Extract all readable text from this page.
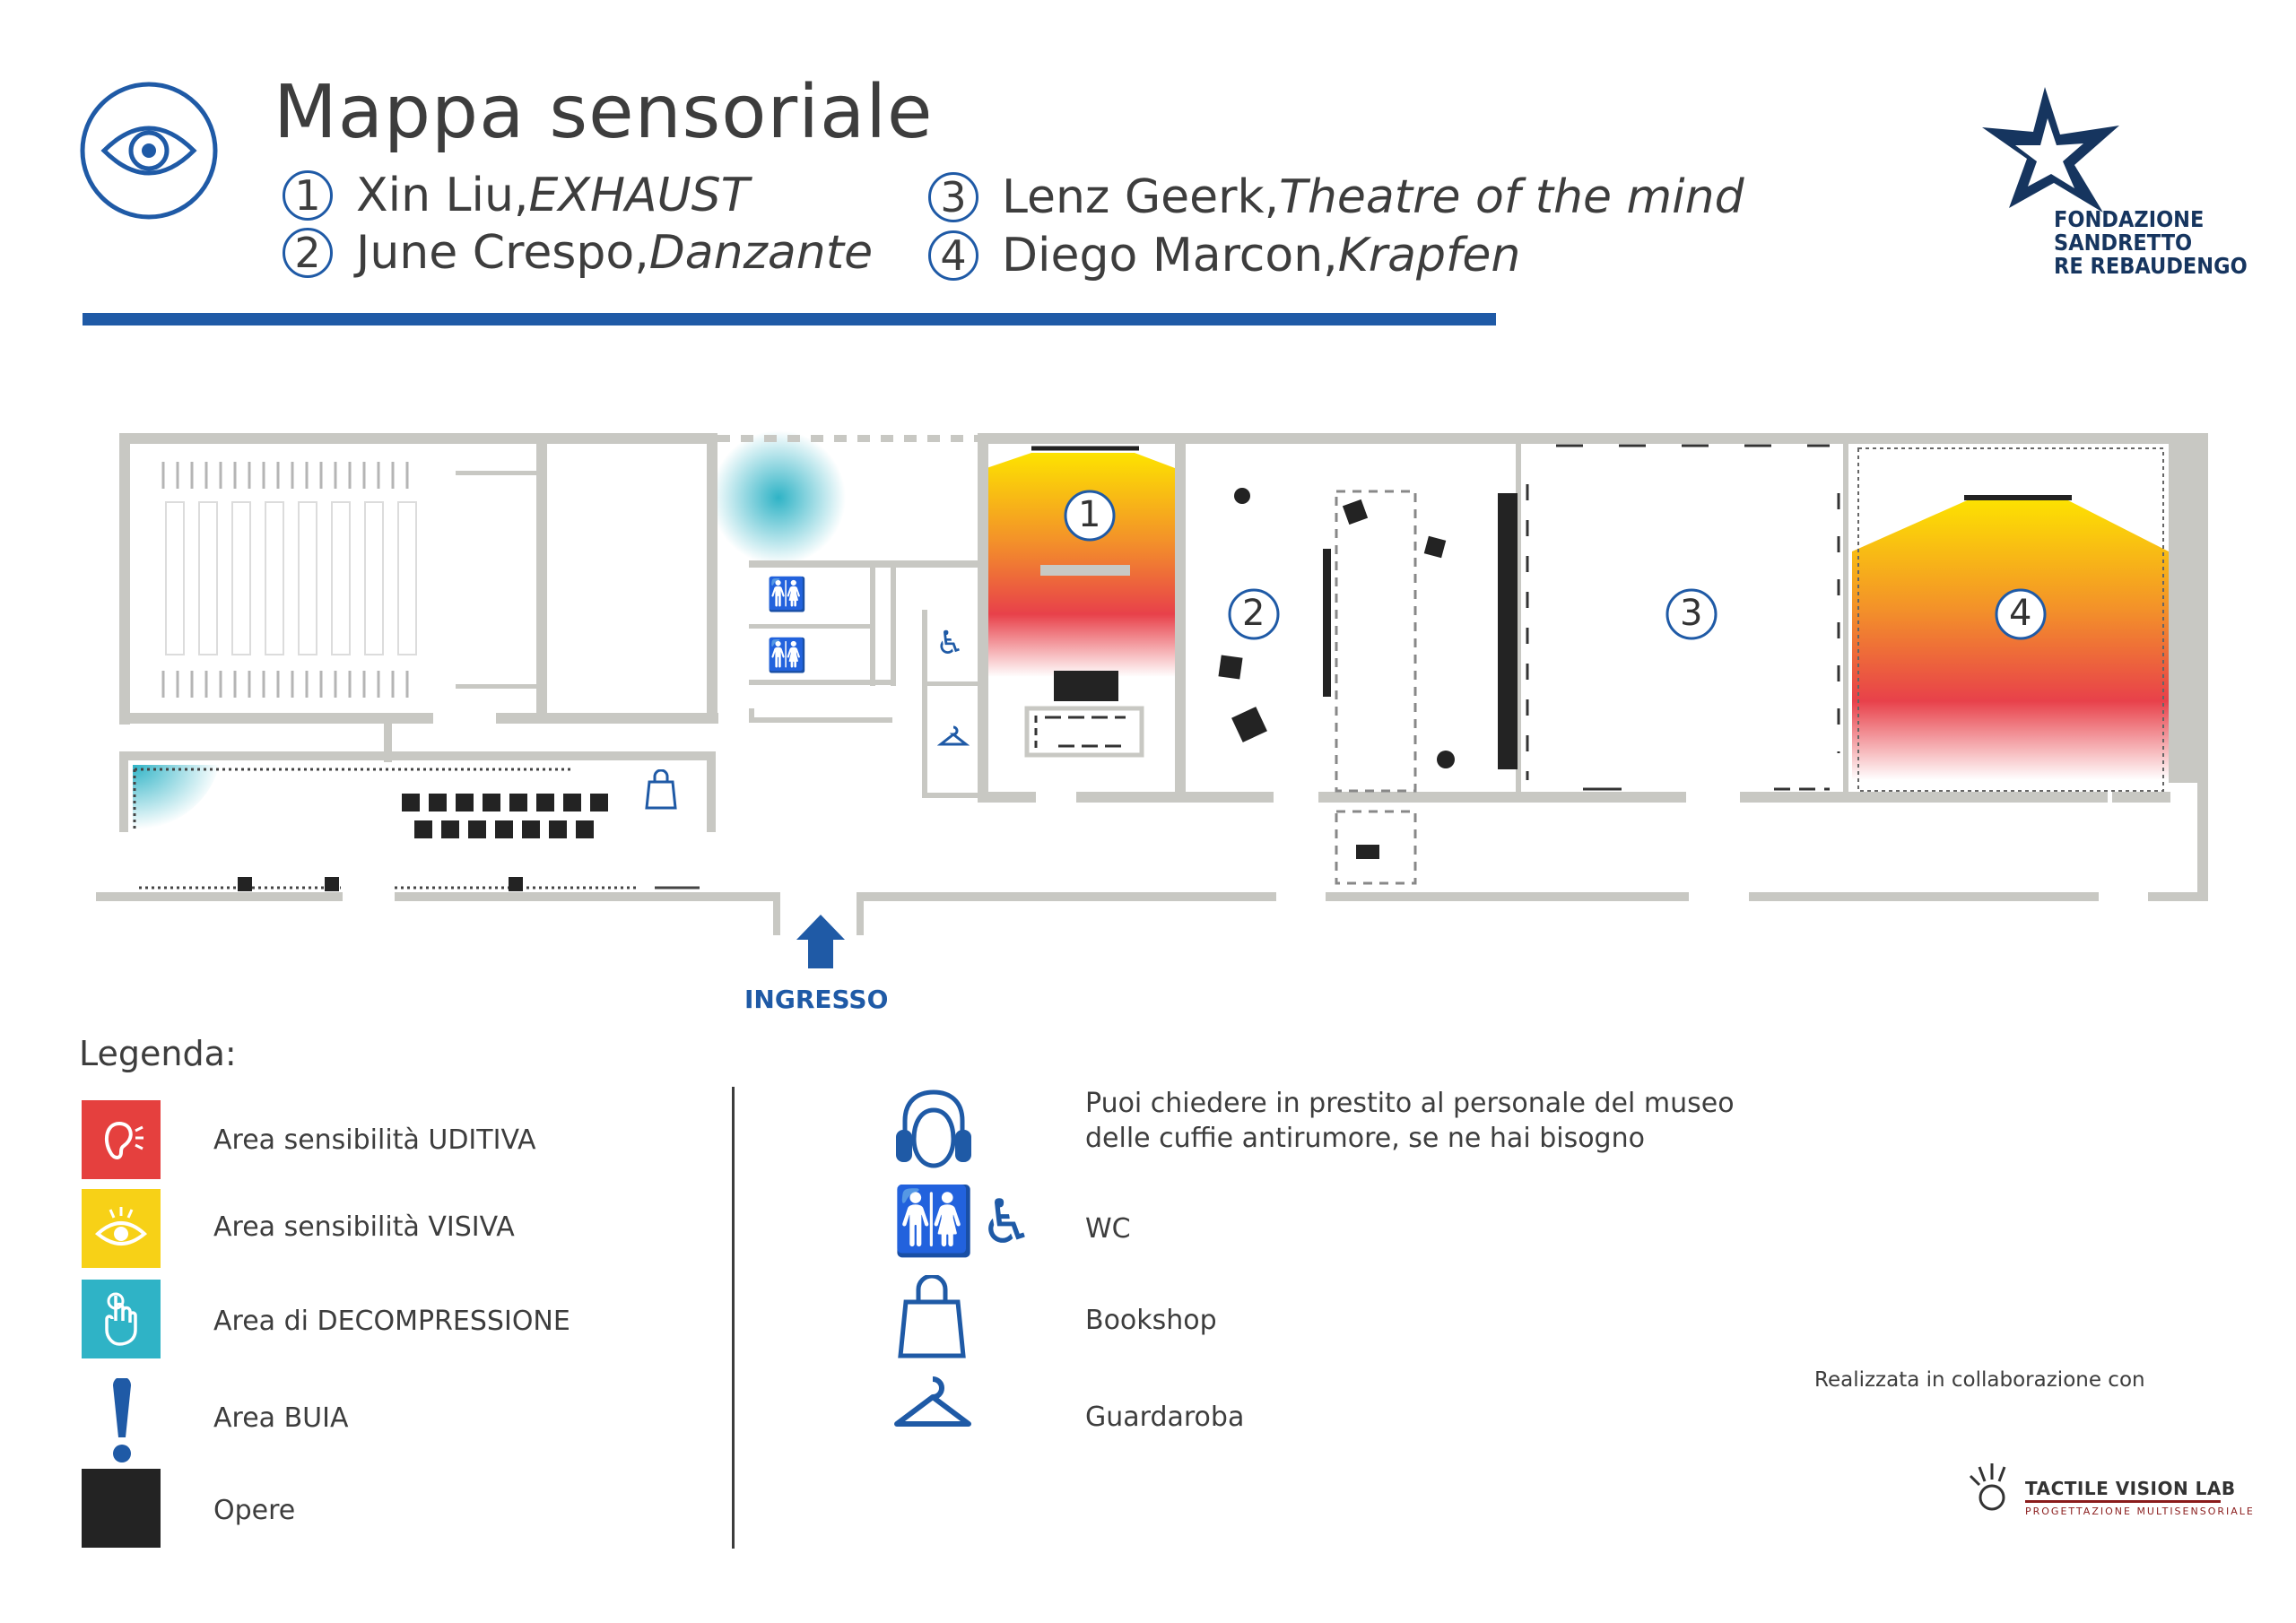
Mappa sensoriale
1 Xin Liu, EXHAUST
2 June Crespo, Danzante
3 Lenz Geerk, Theatre of the mind
4 Diego Marcon, Krapfen
FONDAZIONE
SANDRETTO
RE REBAUDENGO
1
2	3	4
🚻
🚻	♿
INGRESSO
Legenda:
Area sensibilità UDITIVA
Area sensibilità VISIVA
Area di DECOMPRESSIONE
Area BUIA
Opere
Puoi chiedere in prestito al personale del museo
delle cuffie antirumore, se ne hai bisogno
🚻 ♿ WC
Bookshop
Guardaroba
Realizzata in collaborazione con
TACTILE VISION LAB
PROGETTAZIONE MULTISENSORIALE
